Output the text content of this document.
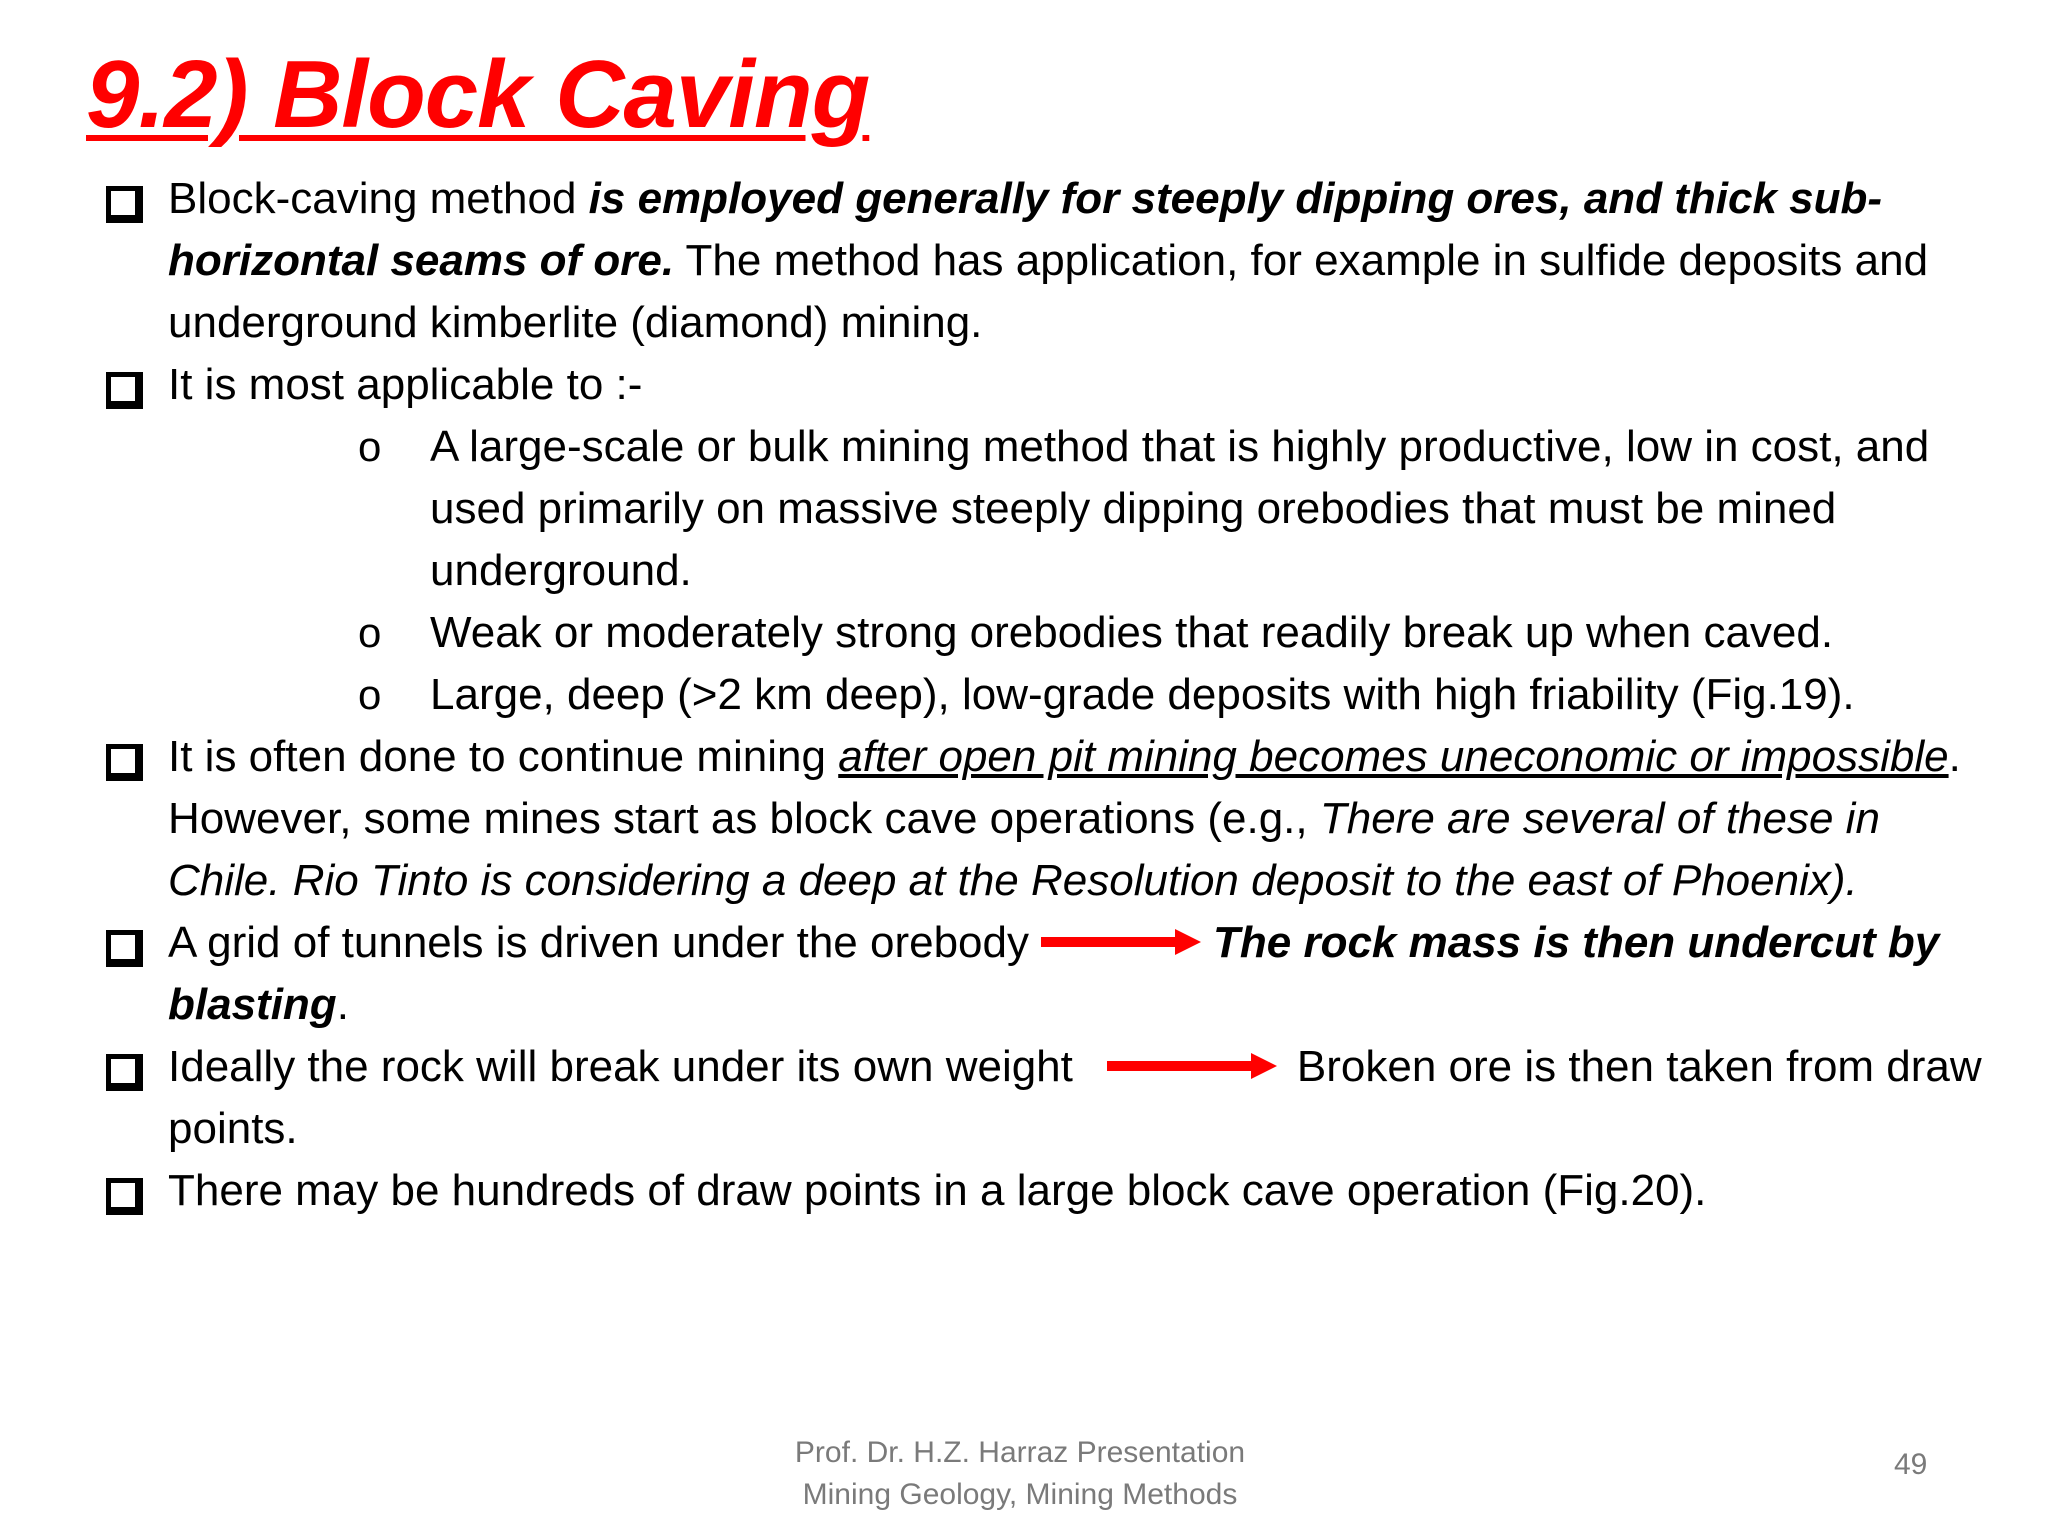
9.2) Block Caving
Block-caving method is employed generally for steeply dipping ores, and thick sub-horizontal seams of ore. The method has application, for example in sulfide deposits and underground kimberlite (diamond) mining.
It is most applicable to :-
o A large-scale or bulk mining method that is highly productive, low in cost, and used primarily on massive steeply dipping orebodies that must be mined underground.
o Weak or moderately strong orebodies that readily break up when caved.
o Large, deep (>2 km deep), low-grade deposits with high friability (Fig.19).
It is often done to continue mining after open pit mining becomes uneconomic or impossible. However, some mines start as block cave operations (e.g., There are several of these in Chile. Rio Tinto is considering a deep at the Resolution deposit to the east of Phoenix).
A grid of tunnels is driven under the orebody	The rock mass is then undercut by blasting.
Ideally the rock will break under its own weight	Broken ore is then taken from draw points.
There may be hundreds of draw points in a large block cave operation (Fig.20).
Prof. Dr. H.Z. Harraz Presentation
Mining Geology, Mining Methods
49
